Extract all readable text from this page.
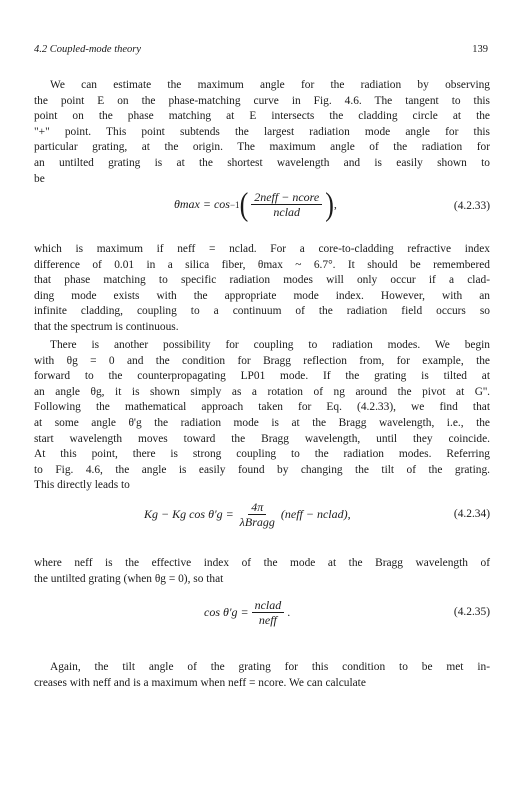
4.2 Coupled-mode theory	139

We can estimate the maximum angle for the radiation by observing
the point E on the phase-matching curve in Fig. 4.6. The tangent to this
point on the phase matching at E intersects the cladding circle at the
"+" point. This point subtends the largest radiation mode angle for this
particular grating, at the origin. The maximum angle of the radiation for
an untilted grating is at the shortest wavelength and is easily shown to
be

θmax = cos −1 ( $\frac{\text{2neff − ncore}}{\text{nclad}}$ ) ,	(4.2.33)

which is maximum if neff = nclad. For a core-to-cladding refractive index
difference of 0.01 in a silica fiber, θmax ~ 6.7°. It should be remembered
that phase matching to specific radiation modes will only occur if a clad-
ding mode exists with the appropriate mode index. However, with an
infinite cladding, coupling to a continuum of the radiation field occurs so
that the spectrum is continuous.

There is another possibility for coupling to radiation modes. We begin
with θg = 0 and the condition for Bragg reflection from, for example, the
forward to the counterpropagating LP01 mode. If the grating is tilted at
an angle θg, it is shown simply as a rotation of ng around the pivot at G''.
Following the mathematical approach taken for Eq. (4.2.33), we find that
at some angle θ'g the radiation mode is at the Bragg wavelength, i.e., the
start wavelength moves toward the Bragg wavelength, until they coincide.
At this point, there is strong coupling to the radiation modes. Referring
to Fig. 4.6, the angle is easily found by changing the tilt of the grating.
This directly leads to

Kg − Kg $\cos \theta'g = \frac{4\pi}{\text{λBragg}}$ (neff − nclad),	(4.2.34)

where neff is the effective index of the mode at the Bragg wavelength of
the untilted grating (when θg = 0), so that

$\cos \theta'g = \frac{\text{nclad}}{\text{neff}}$ .	(4.2.35)

Again, the tilt angle of the grating for this condition to be met in-
creases with neff and is a maximum when neff = ncore. We can calculate
